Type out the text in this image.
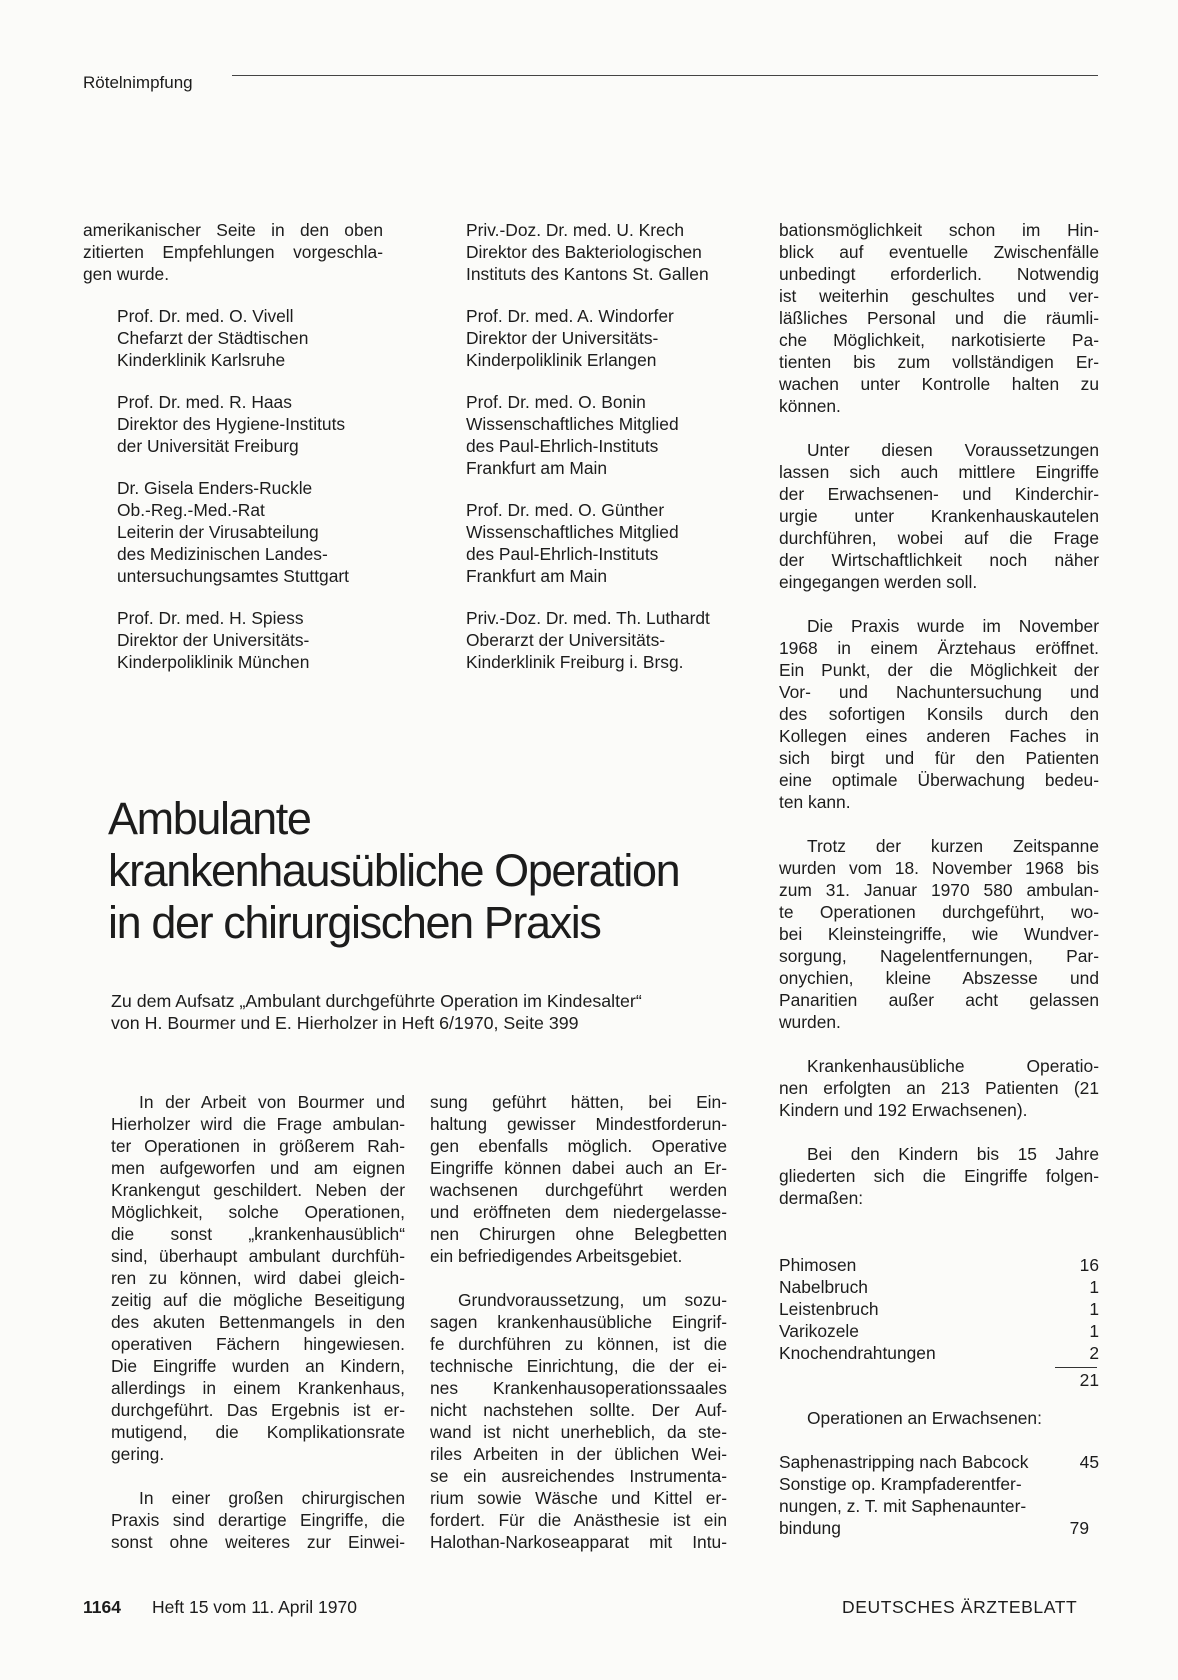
Rötelnimpfung

amerikanischer Seite in den oben

zitierten Empfehlungen vorgeschla-

gen wurde.

Prof. Dr. med. O. Vivell

Chefarzt der Städtischen

Kinderklinik Karlsruhe

Prof. Dr. med. R. Haas

Direktor des Hygiene-Instituts

der Universität Freiburg

Dr. Gisela Enders-Ruckle

Ob.-Reg.-Med.-Rat

Leiterin der Virusabteilung

des Medizinischen Landes-

untersuchungsamtes Stuttgart

Prof. Dr. med. H. Spiess

Direktor der Universitäts-

Kinderpoliklinik München

Priv.-Doz. Dr. med. U. Krech

Direktor des Bakteriologischen

Instituts des Kantons St. Gallen

Prof. Dr. med. A. Windorfer

Direktor der Universitäts-

Kinderpoliklinik Erlangen

Prof. Dr. med. O. Bonin

Wissenschaftliches Mitglied

des Paul-Ehrlich-Instituts

Frankfurt am Main

Prof. Dr. med. O. Günther

Wissenschaftliches Mitglied

des Paul-Ehrlich-Instituts

Frankfurt am Main

Priv.-Doz. Dr. med. Th. Luthardt

Oberarzt der Universitäts-

Kinderklinik Freiburg i. Brsg.

Ambulante
krankenhausübliche Operation
in der chirurgischen Praxis
Zu dem Aufsatz „Ambulant durchgeführte Operation im Kindesalter“
von H. Bourmer und E. Hierholzer in Heft 6/1970, Seite 399

In der Arbeit von Bourmer und

Hierholzer wird die Frage ambulan-

ter Operationen in größerem Rah-

men aufgeworfen und am eignen

Krankengut geschildert. Neben der

Möglichkeit, solche Operationen,

die sonst „krankenhausüblich“

sind, überhaupt ambulant durchfüh-

ren zu können, wird dabei gleich-

zeitig auf die mögliche Beseitigung

des akuten Bettenmangels in den

operativen Fächern hingewiesen.

Die Eingriffe wurden an Kindern,

allerdings in einem Krankenhaus,

durchgeführt. Das Ergebnis ist er-

mutigend, die Komplikationsrate

gering.

In einer großen chirurgischen

Praxis sind derartige Eingriffe, die

sonst ohne weiteres zur Einwei-

sung geführt hätten, bei Ein-

haltung gewisser Mindestforderun-

gen ebenfalls möglich. Operative

Eingriffe können dabei auch an Er-

wachsenen durchgeführt werden

und eröffneten dem niedergelasse-

nen Chirurgen ohne Belegbetten

ein befriedigendes Arbeitsgebiet.

Grundvoraussetzung, um sozu-

sagen krankenhausübliche Eingrif-

fe durchführen zu können, ist die

technische Einrichtung, die der ei-

nes Krankenhausoperationssaales

nicht nachstehen sollte. Der Auf-

wand ist nicht unerheblich, da ste-

riles Arbeiten in der üblichen Wei-

se ein ausreichendes Instrumenta-

rium sowie Wäsche und Kittel er-

fordert. Für die Anästhesie ist ein

Halothan-Narkoseapparat mit Intu-

bationsmöglichkeit schon im Hin-

blick auf eventuelle Zwischenfälle

unbedingt erforderlich. Notwendig

ist weiterhin geschultes und ver-

läßliches Personal und die räumli-

che Möglichkeit, narkotisierte Pa-

tienten bis zum vollständigen Er-

wachen unter Kontrolle halten zu

können.

Unter diesen Voraussetzungen

lassen sich auch mittlere Eingriffe

der Erwachsenen- und Kinderchir-

urgie unter Krankenhauskautelen

durchführen, wobei auf die Frage

der Wirtschaftlichkeit noch näher

eingegangen werden soll.

Die Praxis wurde im November

1968 in einem Ärztehaus eröffnet.

Ein Punkt, der die Möglichkeit der

Vor- und Nachuntersuchung und

des sofortigen Konsils durch den

Kollegen eines anderen Faches in

sich birgt und für den Patienten

eine optimale Überwachung bedeu-

ten kann.

Trotz der kurzen Zeitspanne

wurden vom 18. November 1968 bis

zum 31. Januar 1970 580 ambulan-

te Operationen durchgeführt, wo-

bei Kleinsteingriffe, wie Wundver-

sorgung, Nagelentfernungen, Par-

onychien, kleine Abszesse und

Panaritien außer acht gelassen

wurden.

Krankenhausübliche Operatio-

nen erfolgten an 213 Patienten (21

Kindern und 192 Erwachsenen).

Bei den Kindern bis 15 Jahre

gliederten sich die Eingriffe folgen-

dermaßen:

Phimosen	16
Nabelbruch	1
Leistenbruch	1
Varikozele	1
Knochendrahtungen	2
21
Operationen an Erwachsenen:
Saphenastripping nach Babcock	45
Sonstige op. Krampfaderentfer-
nungen, z. T. mit Saphenaunter-
bindung	79
1164 Heft 15 vom 11. April 1970	DEUTSCHES ÄRZTEBLATT
